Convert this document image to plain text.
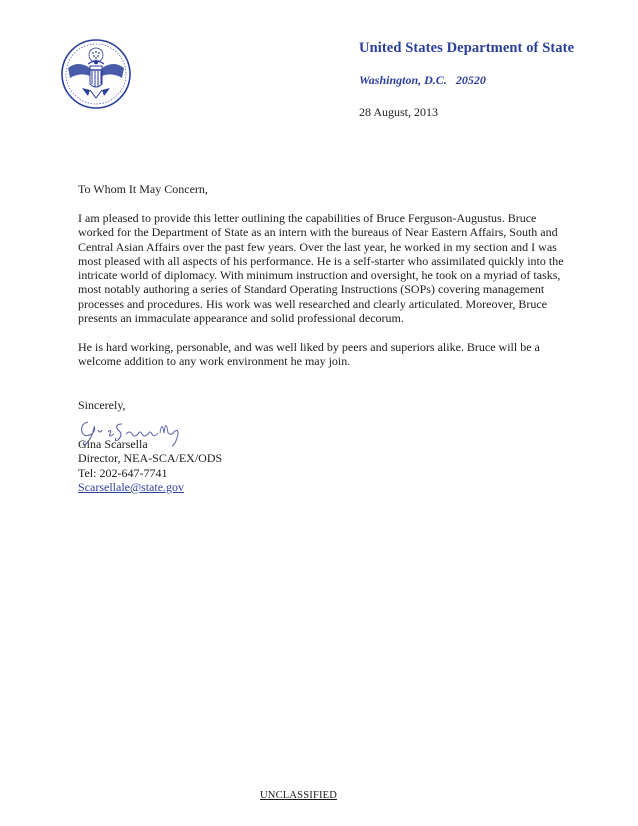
United States Department of State
Washington, D.C. 20520
28 August, 2013
To Whom It May Concern,
I am pleased to provide this letter outlining the capabilities of Bruce Ferguson-Augustus. Bruce
worked for the Department of State as an intern with the bureaus of Near Eastern Affairs, South and
Central Asian Affairs over the past few years. Over the last year, he worked in my section and I was
most pleased with all aspects of his performance. He is a self-starter who assimilated quickly into the
intricate world of diplomacy. With minimum instruction and oversight, he took on a myriad of tasks,
most notably authoring a series of Standard Operating Instructions (SOPs) covering management
processes and procedures. His work was well researched and clearly articulated. Moreover, Bruce
presents an immaculate appearance and solid professional decorum.
He is hard working, personable, and was well liked by peers and superiors alike. Bruce will be a
welcome addition to any work environment he may join.
Sincerely,
Gina Scarsella
Director, NEA-SCA/EX/ODS
Tel: 202-647-7741
Scarsellale@state.gov
UNCLASSIFIED
